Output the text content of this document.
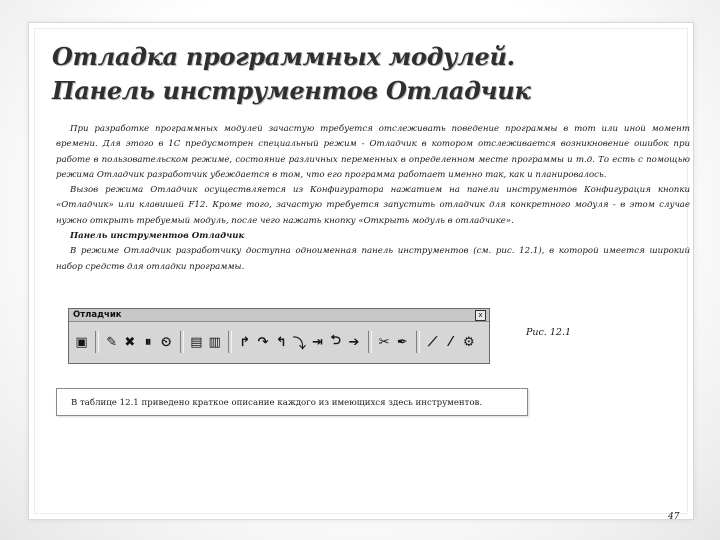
Отладка программных модулей.
Панель инструментов Отладчик

При разработке программных модулей зачастую требуется отслеживать поведение программы в тот или иной момент времени. Для этого в 1С предусмотрен специальный режим - Отладчик в котором отслеживается возникновение ошибок при работе в пользовательском режиме, состояние различных переменных в определенном месте программы и т.д. То есть с помощью режима Отладчик разработчик убеждается в том, что его программа работает именно так, как и планировалось.

Вызов режима Отладчик осуществляется из Конфигуратора нажатием на панели инструментов Конфигурация кнопки «Отладчик» или клавишей F12. Кроме того, зачастую требуется запустить отладчик для конкретного модуля - в этом случае нужно открыть требуемый модуль, после чего нажать кнопку «Открыть модуль в отладчике».

Панель инструментов Отладчик

В режиме Отладчик разработчику доступна одноименная панель инструментов (см. рис. 12.1), в которой имеется широкий набор средств для отладки программы.

Отладчик	x
▣ ✎ ✖ ⏸ ⏲ ▤ ▥ ↱ ↷ ↰ ⤵ ⇥ ⮌ ➔ ✂ ✒	⟋ ⁄ ⚙
Рис. 12.1
В таблице 12.1 приведено краткое описание каждого из имеющихся здесь инструментов.
47
